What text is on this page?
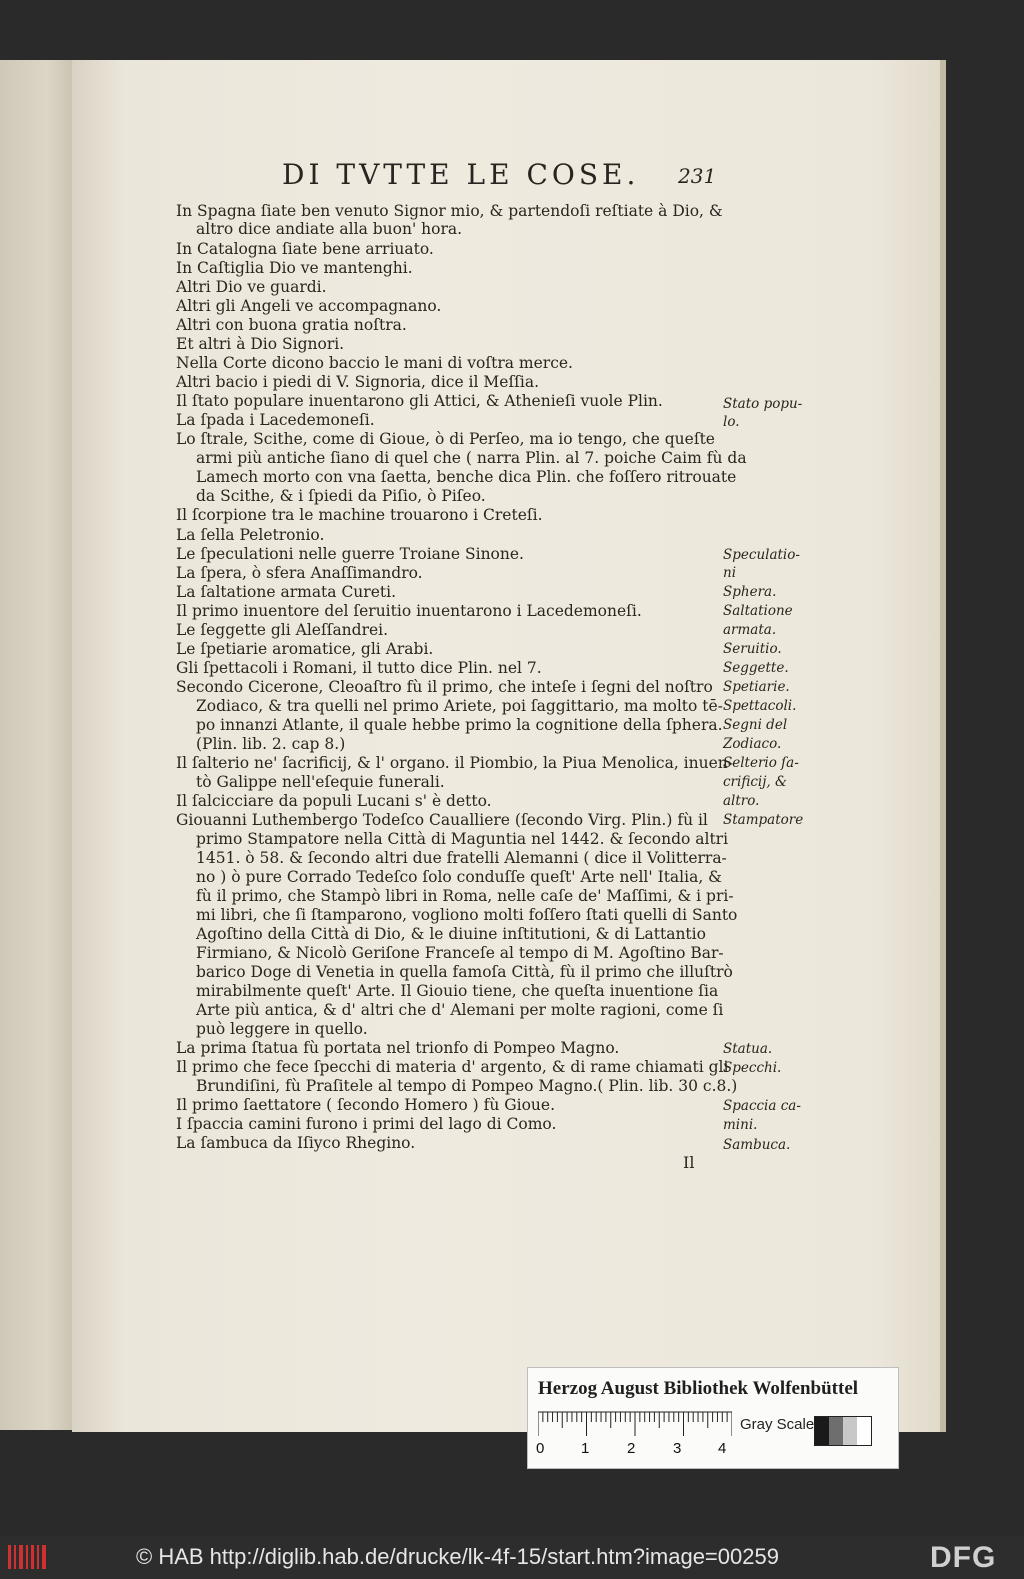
DI TVTTE LE COSE. 231
In Spagna ſiate ben venuto Signor mio, & partendoſi reſtiate à Dio, &
altro dice andiate alla buon' hora.
In Catalogna ſiate bene arriuato.
In Caſtiglia Dio ve mantenghi.
Altri Dio ve guardi.
Altri gli Angeli ve accompagnano.
Altri con buona gratia noſtra.
Et altri à Dio Signori.
Nella Corte dicono baccio le mani di voſtra merce.
Altri bacio i piedi di V. Signoria, dice il Meſſia.
Il ſtato populare inuentarono gli Attici, & Athenieſi vuole Plin.
La ſpada i Lacedemoneſi.
Lo ſtrale, Scithe, come di Gioue, ò di Perſeo, ma io tengo, che queſte
armi più antiche ſiano di quel che ( narra Plin. al 7. poiche Caim fù da
Lamech morto con vna ſaetta, benche dica Plin. che foſſero ritrouate
da Scithe, & i ſpiedi da Piſio, ò Piſeo.
Il ſcorpione tra le machine trouarono i Creteſi.
La ſella Peletronio.
Le ſpeculationi nelle guerre Troiane Sinone.
La ſpera, ò sfera Anaſſimandro.
La ſaltatione armata Cureti.
Il primo inuentore del ſeruitio inuentarono i Lacedemoneſi.
Le ſeggette gli Aleſſandrei.
Le ſpetiarie aromatice, gli Arabi.
Gli ſpettacoli i Romani, il tutto dice Plin. nel 7.
Secondo Cicerone, Cleoaſtro fù il primo, che inteſe i ſegni del noſtro
Zodiaco, & tra quelli nel primo Ariete, poi ſaggittario, ma molto tē-
po innanzi Atlante, il quale hebbe primo la cognitione della ſphera.
(Plin. lib. 2. cap 8.)
Il ſalterio ne' ſacrificij, & l' organo. il Piombio, la Piua Menolica, inuen-
tò Galippe nell'eſequie funerali.
Il ſalcicciare da populi Lucani s' è detto.
Giouanni Luthembergo Todeſco Caualliere (ſecondo Virg. Plin.) fù il
primo Stampatore nella Città di Maguntia nel 1442. & ſecondo altri
1451. ò 58. & ſecondo altri due fratelli Alemanni ( dice il Volitterra-
no ) ò pure Corrado Tedeſco ſolo conduſſe queſt' Arte nell' Italia, &
fù il primo, che Stampò libri in Roma, nelle caſe de' Maſſimi, & i pri-
mi libri, che ſi ſtamparono, vogliono molti foſſero ſtati quelli di Santo
Agoſtino della Città di Dio, & le diuine inſtitutioni, & di Lattantio
Firmiano, & Nicolò Geriſone Franceſe al tempo di M. Agoſtino Bar-
barico Doge di Venetia in quella famoſa Città, fù il primo che illuſtrò
mirabilmente queſt' Arte. Il Giouio tiene, che queſta inuentione ſia
Arte più antica, & d' altri che d' Alemani per molte ragioni, come ſi
può leggere in quello.
La prima ſtatua fù portata nel trionfo di Pompeo Magno.
Il primo che fece ſpecchi di materia d' argento, & di rame chiamati gli
Brundiſini, fù Praſitele al tempo di Pompeo Magno.( Plin. lib. 30 c.8.)
Il primo ſaettatore ( ſecondo Homero ) fù Gioue.
I ſpaccia camini furono i primi del lago di Como.
La ſambuca da Iſiyco Rhegino.
Stato popu-
lo.
Speculatio-
ni
Sphera.
Saltatione
armata.
Seruitio.
Seggette.
Spetiarie.
Spettacoli.
Segni del
Zodiaco.
Selterio ſa-
crificij, &
altro.
Stampatore
Statua.
Specchi.
Spaccia ca-
mini.
Sambuca.
Il
Herzog August Bibliothek Wolfenbüttel
0 1	2	3 4
Gray Scale
© HAB http://diglib.hab.de/drucke/lk-4f-15/start.htm?image=00259	DFG
